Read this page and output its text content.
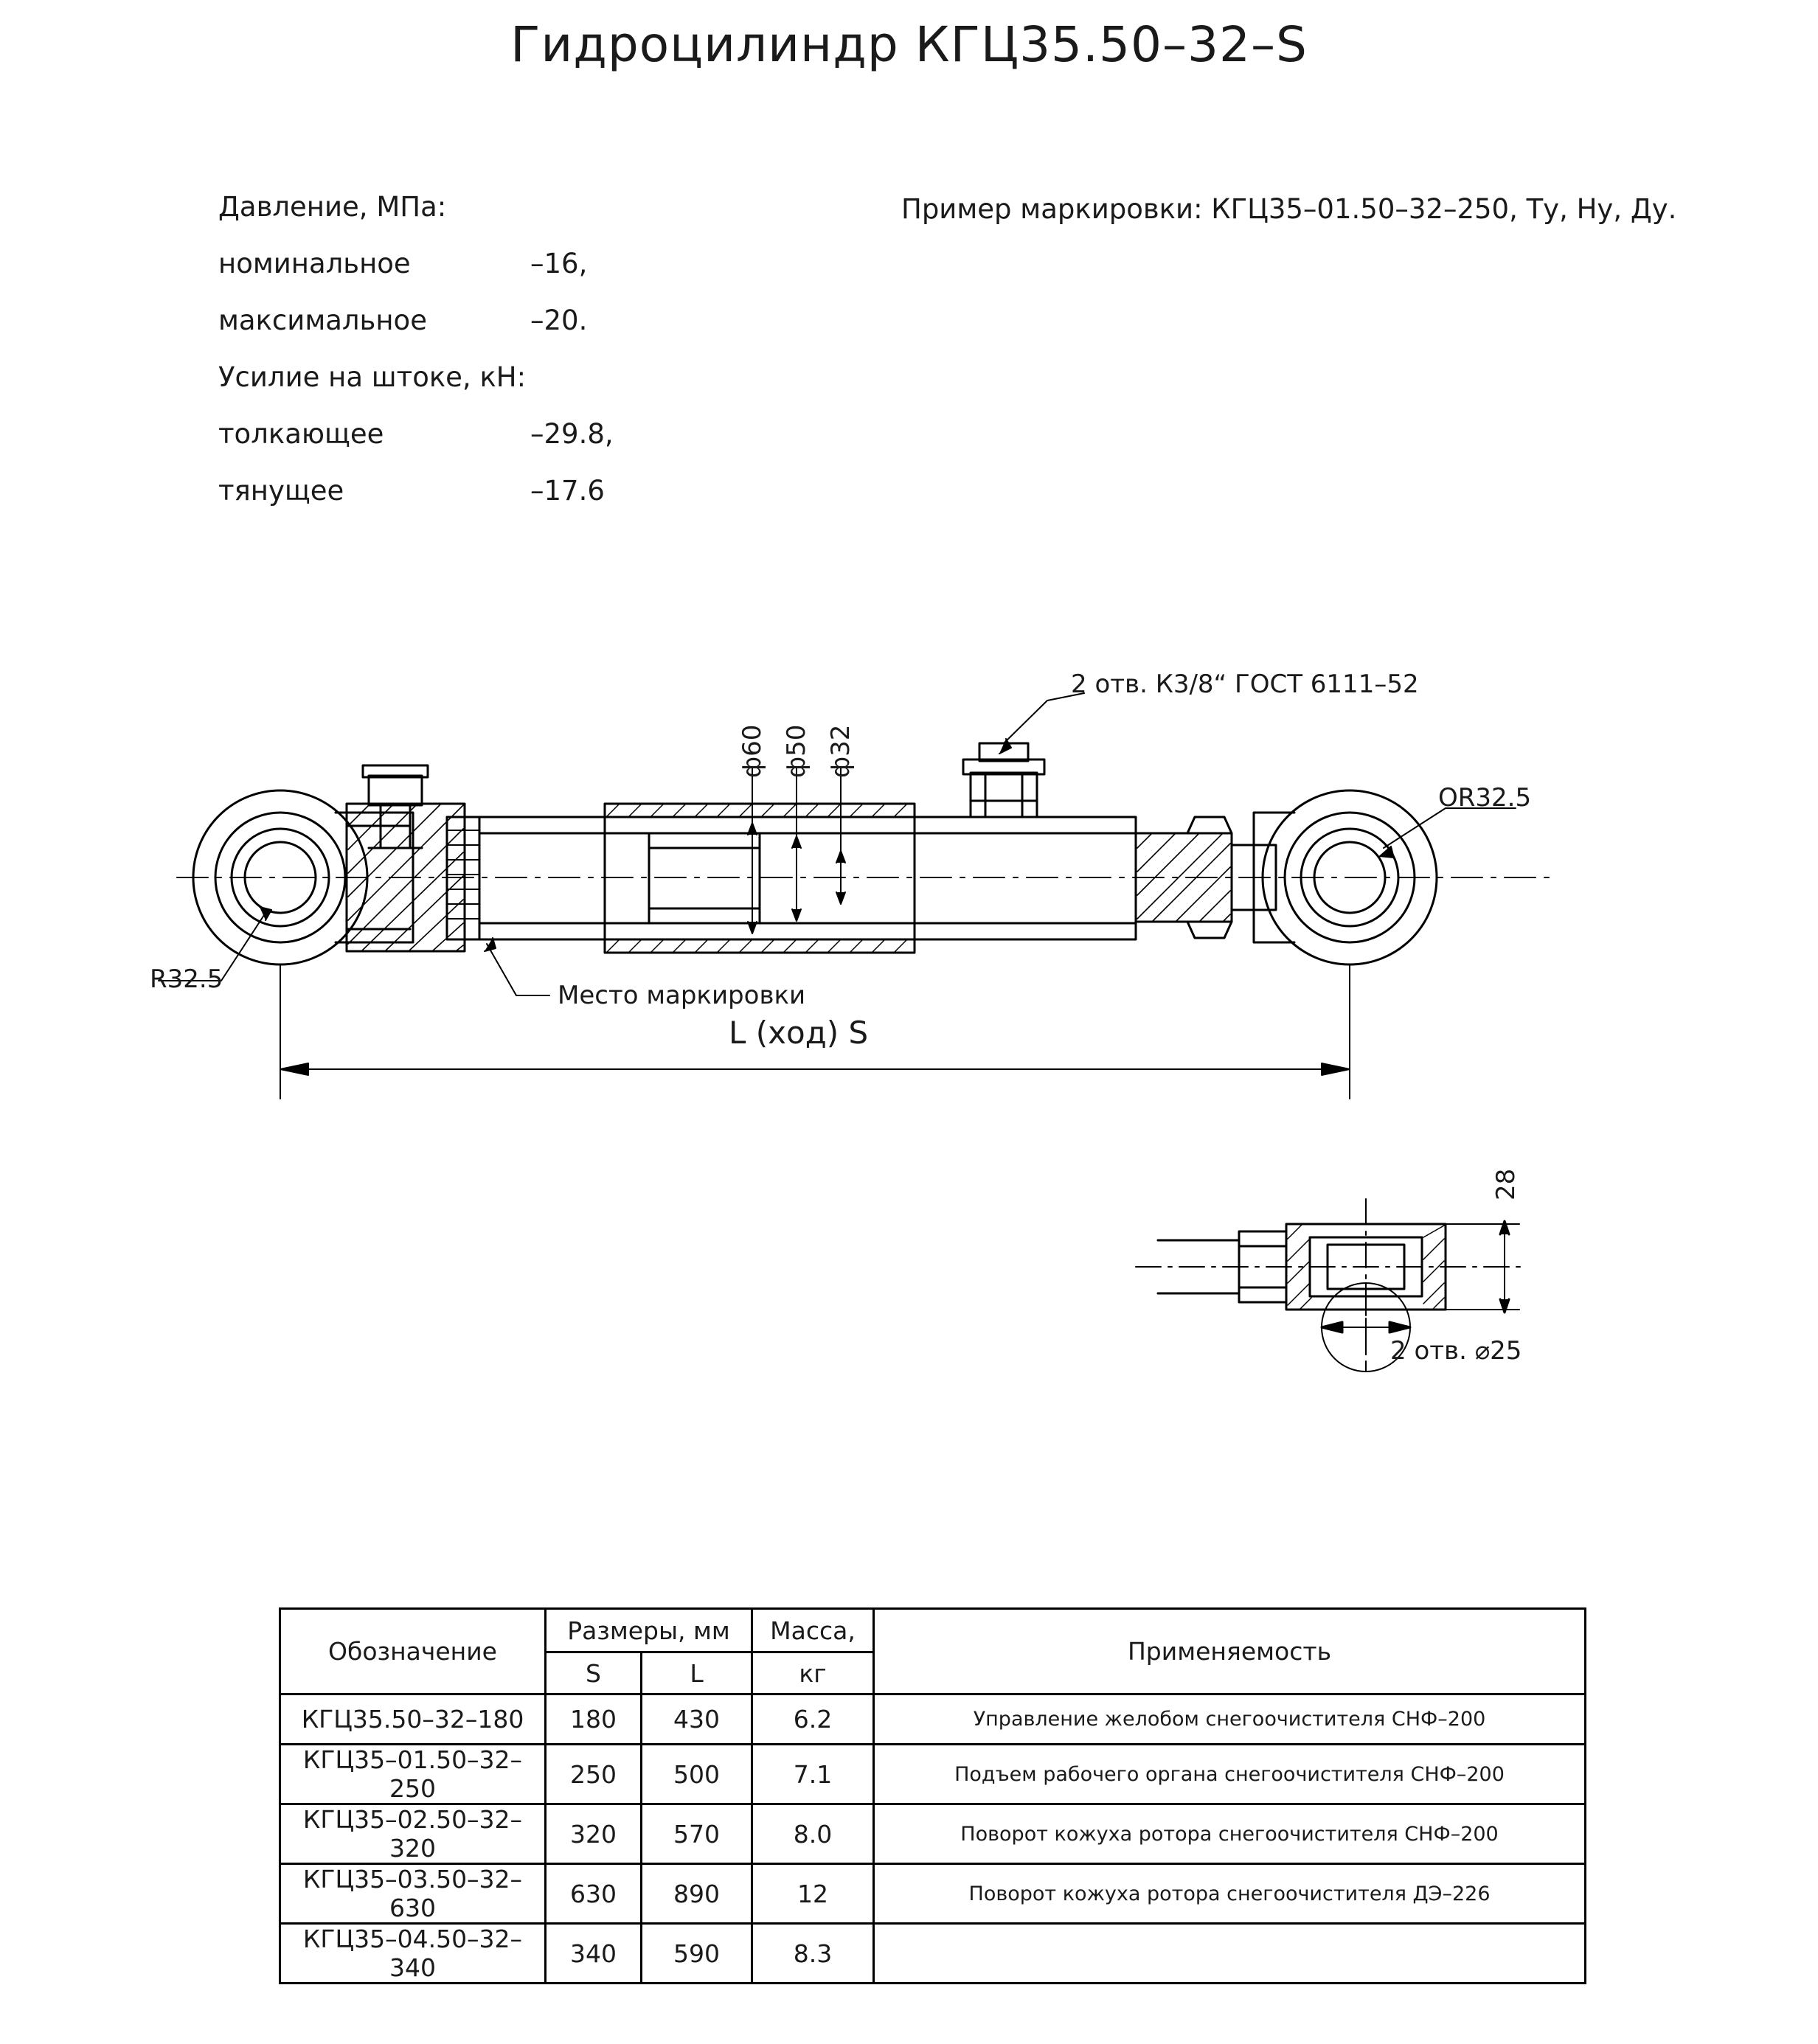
Гидроцилиндр КГЦ35.50–32–S
Давление, МПа:
номинальное	–16,
максимальное	–20.
Усилие на штоке, кН:
толкающее	–29.8,
тянущее	–17.6
Пример маркировки: КГЦ35–01.50–32–250, Ту, Ну, Ду.
2 отв. К3/8“ ГОСТ 6111–52
ф60 ф50 ф32
OR32.5
R32.5
Место маркировки
L (ход) S
28
2 отв. ⌀25
Обозначение	Размеры, мм		Масса,	Применяемость
	S	L	кг	
КГЦ35.50–32–180	180	430	6.2	Управление желобом снегоочистителя СНФ–200
КГЦ35–01.50–32–250	250	500	7.1	Подъем рабочего органа снегоочистителя СНФ–200
КГЦ35–02.50–32–320	320	570	8.0	Поворот кожуха ротора снегоочистителя СНФ–200
КГЦ35–03.50–32–630	630	890	12	Поворот кожуха ротора снегоочистителя ДЭ–226
КГЦ35–04.50–32–340	340	590	8.3	
